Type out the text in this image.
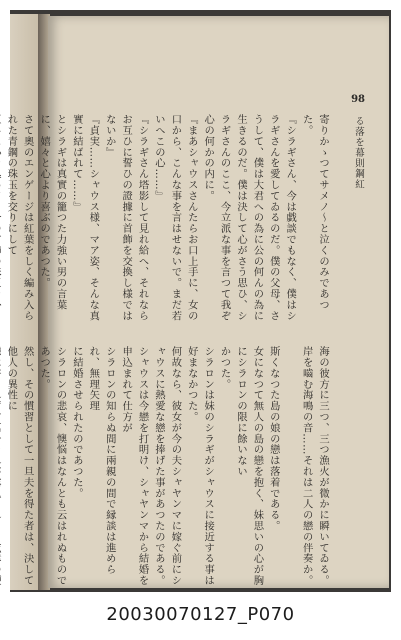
98
る落を幕則鋼紅
寄りかゝつてサメノ〜と泣くのみであつた。
『シラギさん、今は戯談でもなく、僕はシラギさんを愛してゐるのだ。僕の父母、さうして、僕は大君への為に公の何んの為に生きるのだ。僕は決して心がさう思ひ、シラギさんのここ、今立派な事を言つて我ぞ心の何かの内に。
『まあシャウスさんたらお口上手に、女の口から、こんな事を言はせないで。まだ若いへこの心……』
『シラギさん塔影して見れ給へ、それならお互ひに誓ひの證據に首飾を交換し様ではないか』
『貞実……シャウス様、マア姿、そんな真實に結ばれて……』
とシラギは真實の籠つた力強い男の言葉に、嬉々と心より喜ぶのであつた。
さて奧のエンゲージは紅葉をしく編み入られた青鋼の珠玉を交りにして

海の彼方に三つ、三つ漁火が微かに瞬いてゐる。
岸を嚙む海鳴の音……それは二人の戀の伴奏か。

斯くなつた島の娘の戀は落着である。
女になつて無人の島の戀を抱く、妹思いの心が胸にシラロンの限に餘いない
かつた。
シラロンは妹のシラギがシャウスに接近する事は好まなかつた。
何故なら、彼女が今の夫シャヤンマに嫁ぐ前にシャウスに熱愛な戀を捧げた事があつたのである。シャウスは今戀を打明け、シャヤンマから結婚を申込まれて仕方が
シラロンの知らぬ間に兩親の間で縁談は進められ、無理矢理
に結婚させられたのであつた。
シラロンの悲哀、懊悩はなんとも云はれぬものであつた。
然し、その慣習として一旦夫を得た者は、決して他人の異性に

20030070127_P070
